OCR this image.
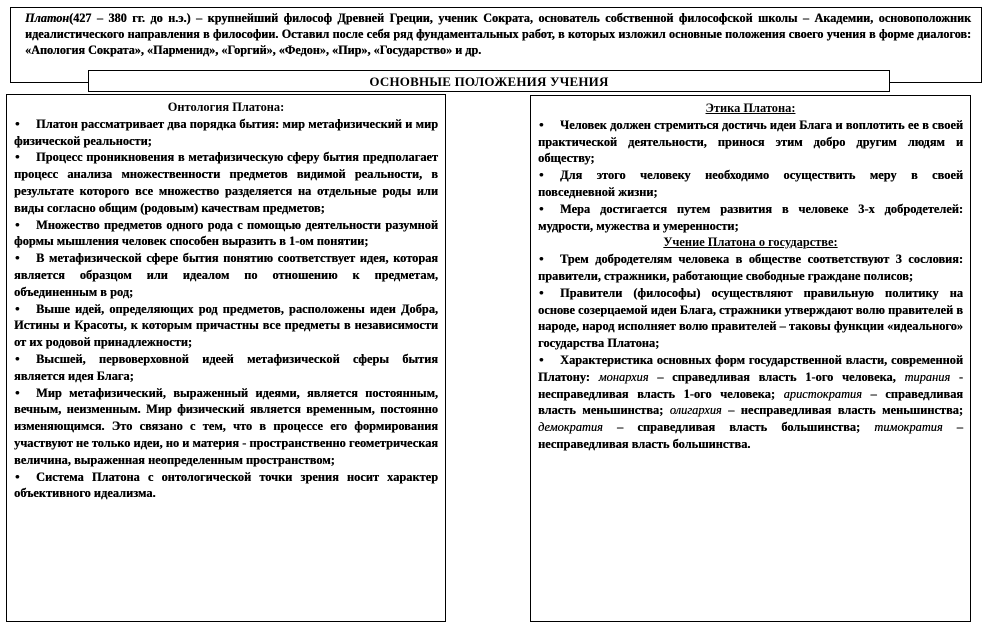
Платон(427 – 380 гг. до н.э.) – крупнейший философ Древней Греции, ученик Сократа, основатель собственной философской школы – Академии, основоположник идеалистического направления в философии. Оставил после себя ряд фундаментальных работ, в которых изложил основные положения своего учения в форме диалогов: «Апология Сократа», «Парменид», «Горгий», «Федон», «Пир», «Государство» и др.
ОСНОВНЫЕ ПОЛОЖЕНИЯ УЧЕНИЯ
Онтология Платона:
• Платон рассматривает два порядка бытия: мир метафизический и мир физической реальности;
• Процесс проникновения в метафизическую сферу бытия предполагает процесс анализа множественности предметов видимой реальности, в результате которого все множество разделяется на отдельные роды или виды согласно общим (родовым) качествам предметов;
• Множество предметов одного рода с помощью деятельности разумной формы мышления человек способен выразить в 1-ом понятии;
• В метафизической сфере бытия понятию соответствует идея, которая является образцом или идеалом по отношению к предметам, объединенным в род;
• Выше идей, определяющих род предметов, расположены идеи Добра, Истины и Красоты, к которым причастны все предметы в независимости от их родовой принадлежности;
• Высшей, первоверховной идеей метафизической сферы бытия является идея Блага;
• Мир метафизический, выраженный идеями, является постоянным, вечным, неизменным. Мир физический является временным, постоянно изменяющимся. Это связано с тем, что в процессе его формирования участвуют не только идеи, но и материя - пространственно геометрическая величина, выраженная неопределенным пространством;
• Система Платона с онтологической точки зрения носит характер объективного идеализма.
Этика Платона:
• Человек должен стремиться достичь идеи Блага и воплотить ее в своей практической деятельности, принося этим добро другим людям и обществу;
• Для этого человеку необходимо осуществить меру в своей повседневной жизни;
• Мера достигается путем развития в человеке 3-х добродетелей: мудрости, мужества и умеренности;
Учение Платона о государстве:
• Трем добродетелям человека в обществе соответствуют 3 сословия: правители, стражники, работающие свободные граждане полисов;
• Правители (философы) осуществляют правильную политику на основе созерцаемой идеи Блага, стражники утверждают волю правителей в народе, народ исполняет волю правителей – таковы функции «идеального» государства Платона;
• Характеристика основных форм государственной власти, современной Платону: монархия – справедливая власть 1-ого человека, тирания - несправедливая власть 1-ого человека; аристократия – справедливая власть меньшинства; олигархия – несправедливая власть меньшинства; демократия – справедливая власть большинства; тимократия – несправедливая власть большинства.
